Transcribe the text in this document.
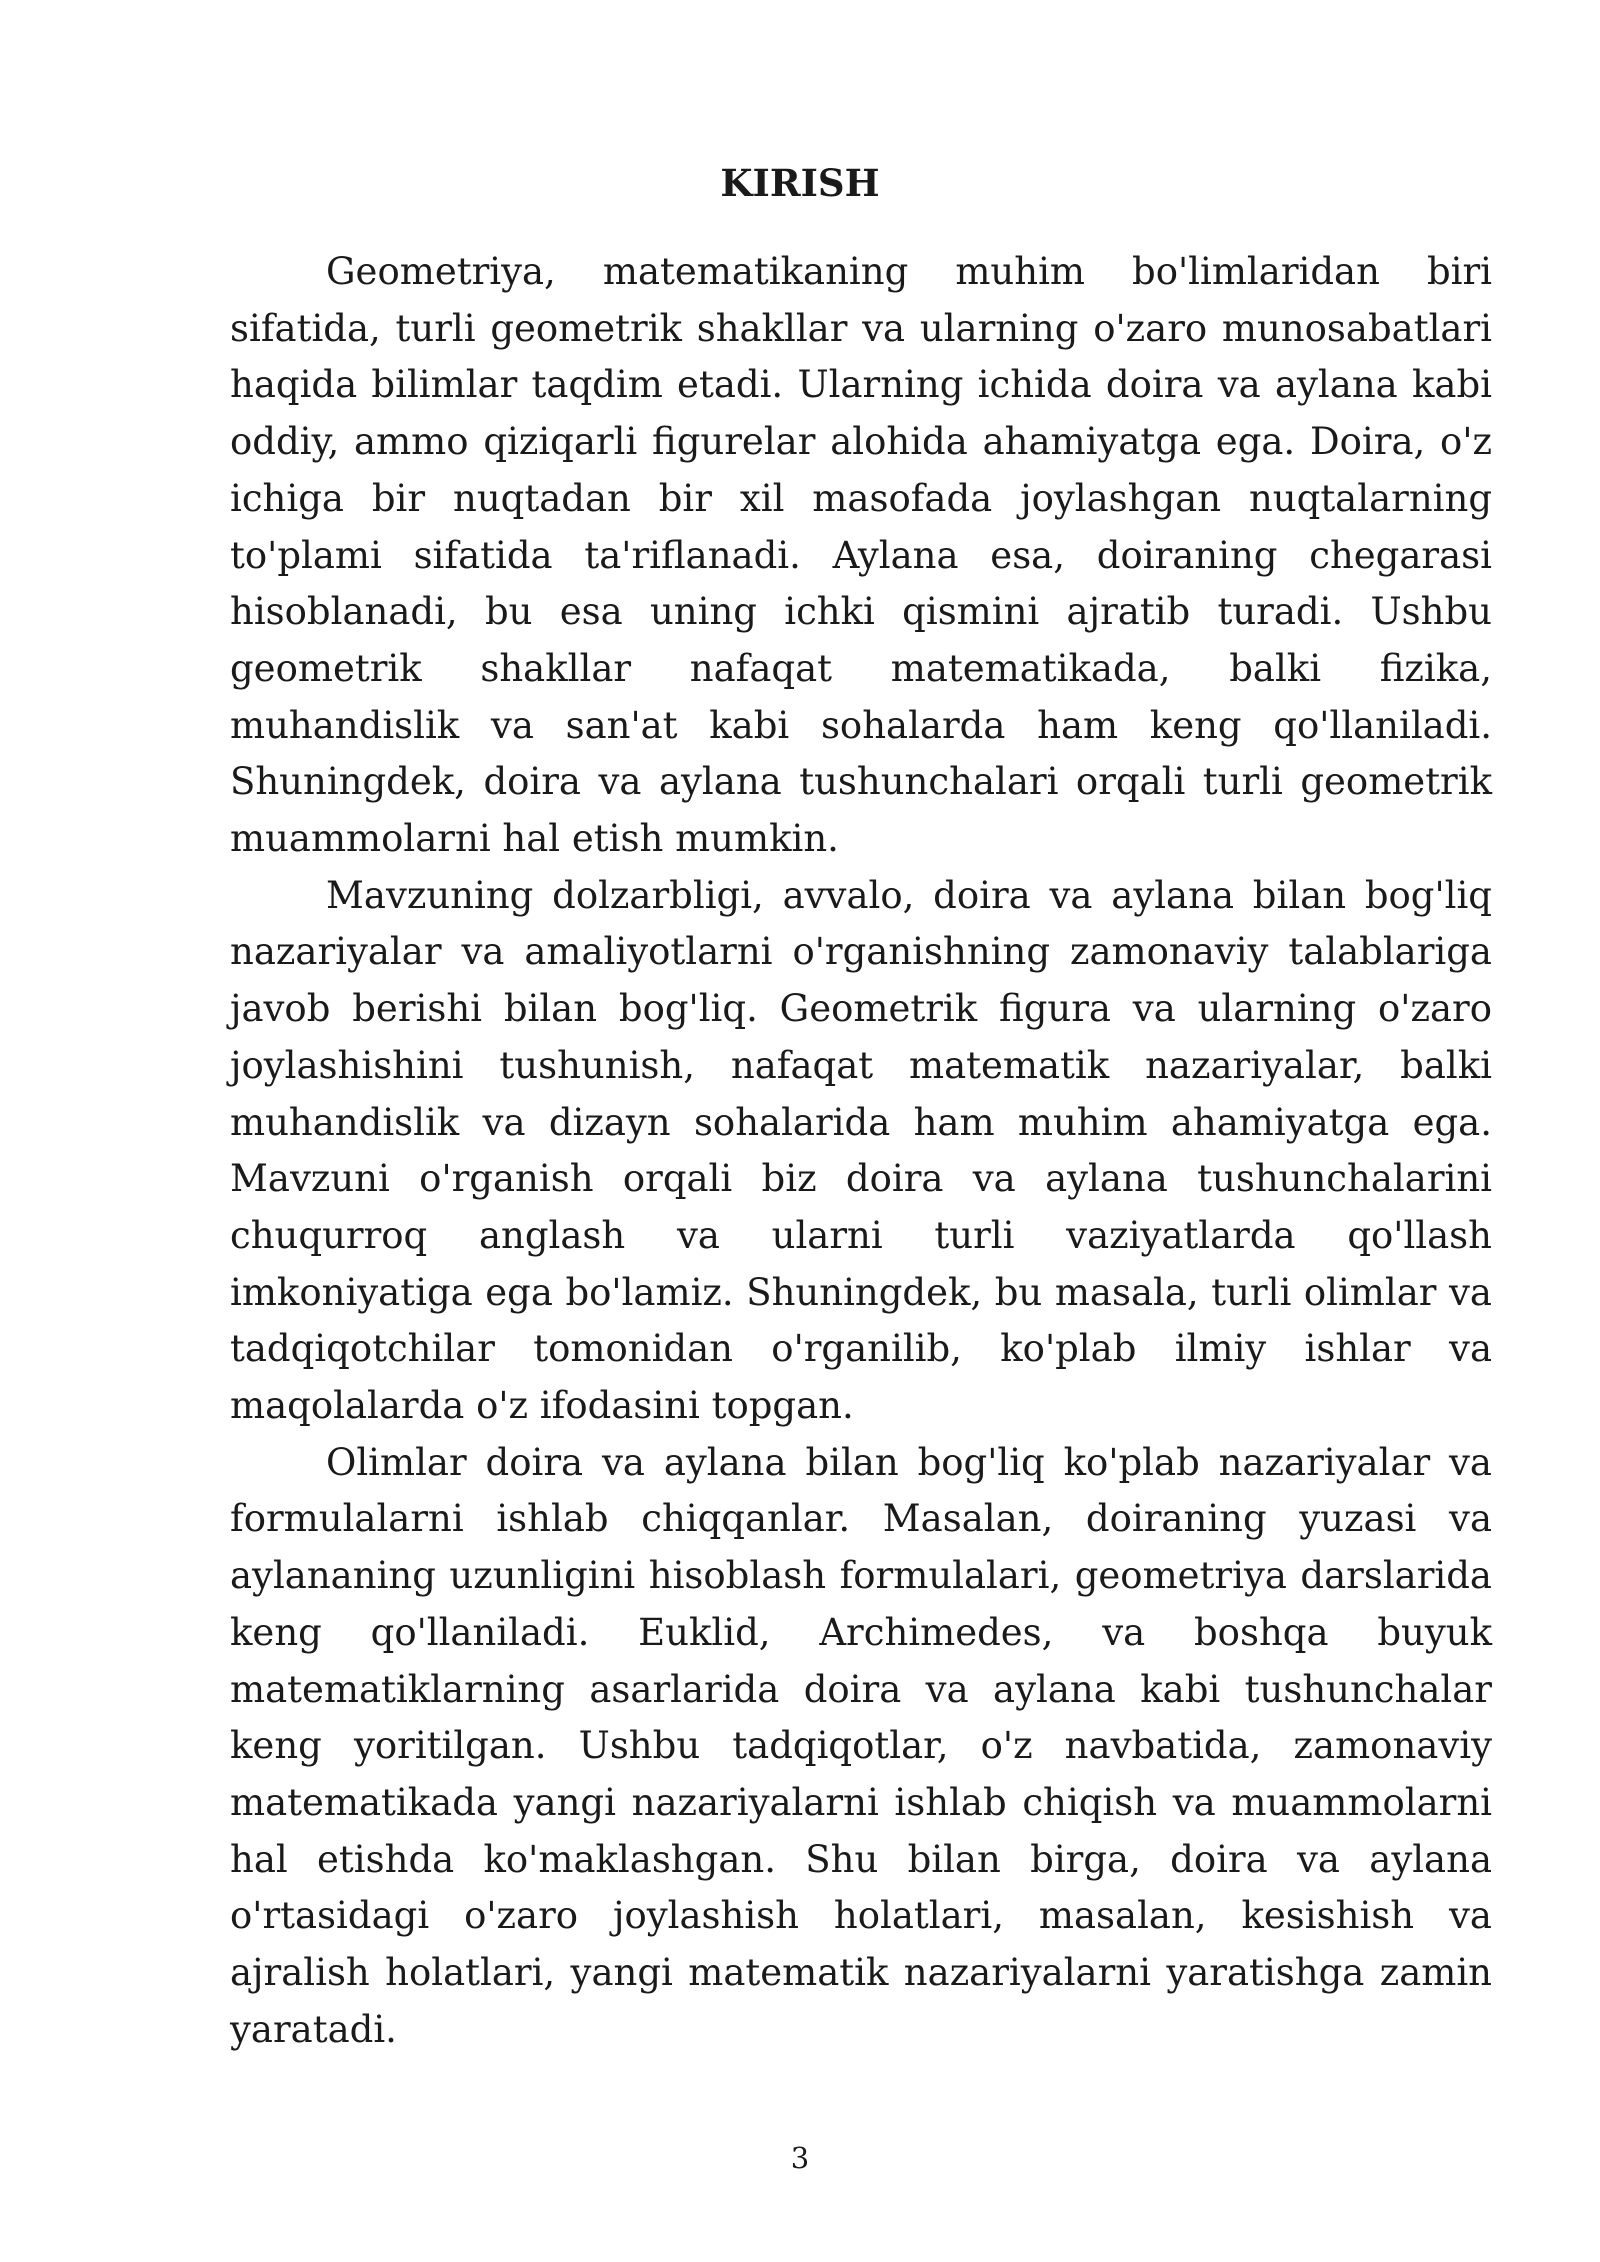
KIRISH

Geometriya, matematikaning muhim bo'limlaridan biri sifatida, turli geometrik shakllar va ularning o'zaro munosabatlari haqida bilimlar taqdim etadi. Ularning ichida doira va aylana kabi oddiy, ammo qiziqarli figurelar alohida ahamiyatga ega. Doira, o'z ichiga bir nuqtadan bir xil masofada joylashgan nuqtalarning to'plami sifatida ta'riflanadi. Aylana esa, doiraning chegarasi hisoblanadi, bu esa uning ichki qismini ajratib turadi. Ushbu geometrik shakllar nafaqat matematikada, balki fizika, muhandislik va san'at kabi sohalarda ham keng qo'llaniladi. Shuningdek, doira va aylana tushunchalari orqali turli geometrik muammolarni hal etish mumkin.

Mavzuning dolzarbligi, avvalo, doira va aylana bilan bog'liq nazariyalar va amaliyotlarni o'rganishning zamonaviy talablariga javob berishi bilan bog'liq. Geometrik figura va ularning o'zaro joylashishini tushunish, nafaqat matematik nazariyalar, balki muhandislik va dizayn sohalarida ham muhim ahamiyatga ega. Mavzuni o'rganish orqali biz doira va aylana tushunchalarini chuqurroq anglash va ularni turli vaziyatlarda qo'llash imkoniyatiga ega bo'lamiz. Shuningdek, bu masala, turli olimlar va tadqiqotchilar tomonidan o'rganilib, ko'plab ilmiy ishlar va maqolalarda o'z ifodasini topgan.

Olimlar doira va aylana bilan bog'liq ko'plab nazariyalar va formulalarni ishlab chiqqanlar. Masalan, doiraning yuzasi va aylananing uzunligini hisoblash formulalari, geometriya darslarida keng qo'llaniladi. Euklid, Archimedes, va boshqa buyuk matematiklarning asarlarida doira va aylana kabi tushunchalar keng yoritilgan. Ushbu tadqiqotlar, o'z navbatida, zamonaviy matematikada yangi nazariyalarni ishlab chiqish va muammolarni hal etishda ko'maklashgan. Shu bilan birga, doira va aylana o'rtasidagi o'zaro joylashish holatlari, masalan, kesishish va ajralish holatlari, yangi matematik nazariyalarni yaratishga zamin yaratadi.

3
